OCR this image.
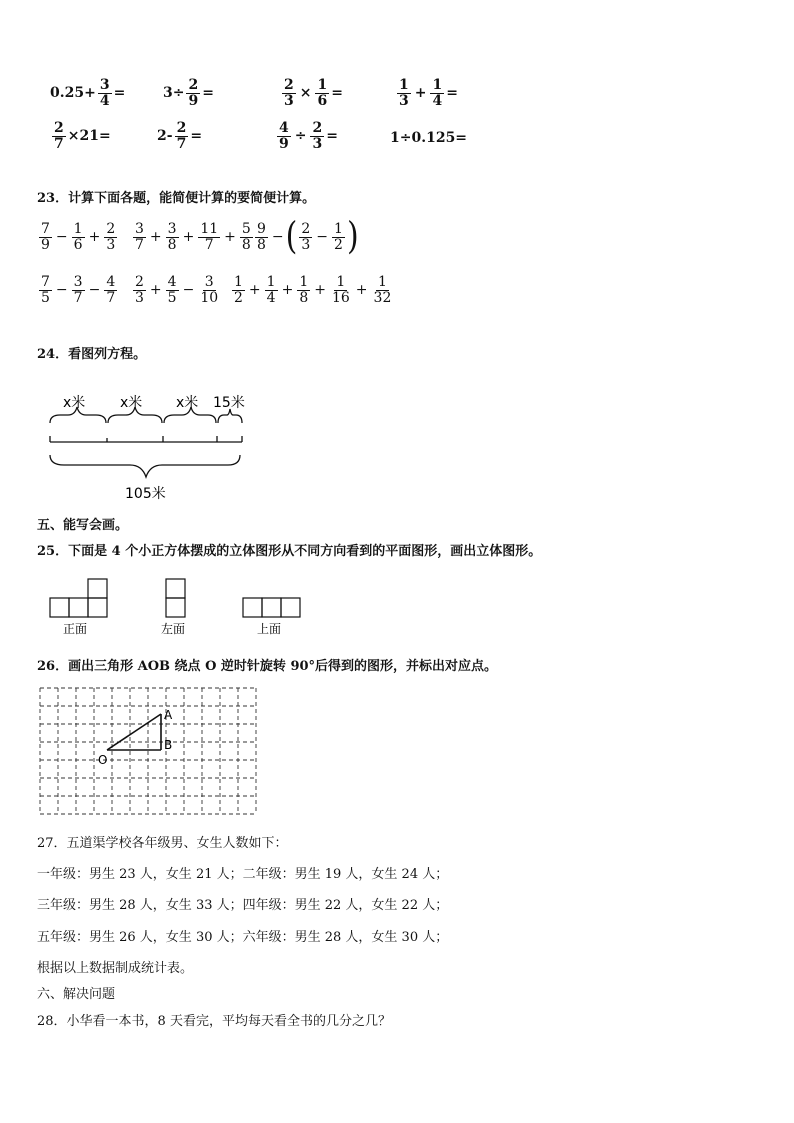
$0.25+ \frac{3}{4}$ =	$3\div \frac{2}{9}$ =	$\frac{2}{3} \times \frac{1}{6}$ =	$\frac{1}{3} + \frac{1}{4}$ =
$\frac{2}{7} \times 21=$	$2- \frac{2}{7}$ =	$\frac{4}{9} \div \frac{2}{3}$ =	1÷0.125=
23．计算下面各题，能简便计算的要简便计算。
$\frac{7}{9} - \frac{1}{6} + \frac{2}{3} \frac{3}{7} + \frac{3}{8} + \frac{11}{7} + \frac{5}{8} \frac{9}{8}$ − ( $\frac{2}{3} - \frac{1}{2}$ )
$\frac{7}{5} - \frac{3}{7} - \frac{4}{7} \frac{2}{3} + \frac{4}{5} - \frac{3}{10} \frac{1}{2} + \frac{1}{4} + \frac{1}{8} + \frac{1}{16} + \frac{1}{32}$
24．看图列方程。
x米 x米 x米 15米
105米
五、能写会画。
25．下面是 4 个小正方体摆成的立体图形从不同方向看到的平面图形，画出立体图形。
正面	左面	上面
26．画出三角形 AOB 绕点 O 逆时针旋转 90°后得到的图形，并标出对应点。
A
B
O
27．五道渠学校各年级男、女生人数如下：
一年级：男生 23 人，女生 21 人；二年级：男生 19 人，女生 24 人；
三年级：男生 28 人，女生 33 人；四年级：男生 22 人，女生 22 人；
五年级：男生 26 人，女生 30 人；六年级：男生 28 人，女生 30 人；
根据以上数据制成统计表。
六、解决问题
28．小华看一本书，8 天看完，平均每天看全书的几分之几？
